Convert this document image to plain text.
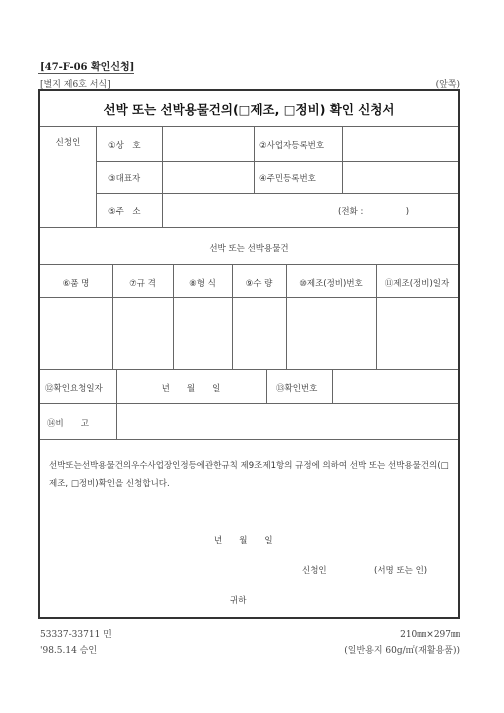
[47-F-06 확인신청]
[별지 제6호 서식]	(앞쪽)
선박 또는 선박용물건의(□제조, □정비) 확인 신청서
신청인	①상　호	②사업자등록번호
③대표자	④주민등록번호
⑤주　소	(전화 :　　　　　)
선박 또는 선박용물건
⑥품 명	⑦규 격	⑧형 식	⑨수 량	⑩제조(정비)번호	⑪제조(정비)일자
⑫확인요청일자	년　　월　　일	⑬확인번호
⑭비　　고
선박또는선박용물건의우수사업장인정등에관한규칙 제9조제1항의 규정에 의하여 선박 또는 선박용물건의(□제조, □정비)확인을 신청합니다.
년　　월　　일
신청인	(서명 또는 인)
귀하
53337-33711 민	210㎜×297㎜
'98.5.14 승인	(일반용지 60g/㎡(재활용품))
